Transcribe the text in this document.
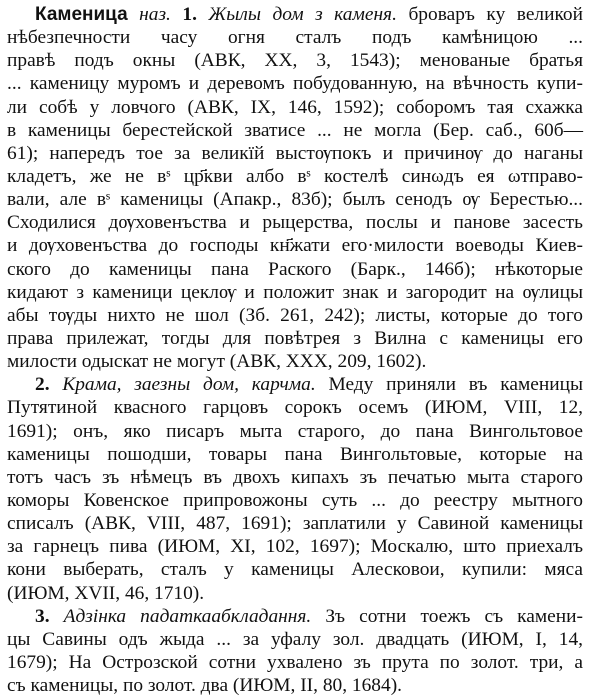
Каменица наз. 1. Жылы дом з каменя. броваръ ку великой
нѣбезпечности часу огня сталъ подъ камѣницою ...
правѣ подъ окны (АВК, XX, 3, 1543); менованые братья
... каменицу муромъ и деревомъ побудованную, на вѣчность купи-
ли собѣ у ловчого (АВК, IX, 146, 1592); соборомъ тая схажка
в каменицы берестейской зватисе ... не могла (Бер. саб., 60б—
61); напередъ тое за великїй выстѹпокъ и причинѹ до наганы
кладетъ, же не вˢ цр҃кви албо вˢ костелѣ синωдъ ея ωтправо-
вали, але вˢ каменицы (Апакр., 83б); былъ сенодъ ѹ Берестью...
Сходилися дѹховенъства и рыцерства, послы и панове засесть
и дѹховенъства до господы кн҃жати его·милости воеводы Киев-
ского до каменицы пана Раского (Барк., 146б); нѣкоторые
кидают з каменици цеклѹ и положит знак и загородит на ѹлицы
абы тѹды нихто не шол (Зб. 261, 242); листы, которые до того
права прилежат, тогды для повѣтрея з Вилна с каменицы его
милости одыскат не могут (АВК, XXX, 209, 1602).
2. Крама, заезны дом, карчма. Меду приняли въ каменицы
Путятиной квасного гарцовъ сорокъ осемъ (ИЮМ, VIII, 12,
1691); онъ, яко писаръ мыта старого, до пана Вингольтовое
каменицы пошодши, товары пана Вингольтовые, которые на
тотъ часъ зъ нѣмецъ въ двохъ кипахъ зъ печатью мыта старого
коморы Ковенское припровожоны суть ... до реестру мытного
списалъ (АВК, VIII, 487, 1691); заплатили у Савиной каменицы
за гарнецъ пива (ИЮМ, XI, 102, 1697); Москалю, што приехалъ
кони выберать, сталъ у каменицы Алесковои, купили: мяса
(ИЮМ, XVII, 46, 1710).
3. Адзінка падаткаабкладання. Зъ сотни тоежъ съ камени-
цы Савины одъ жыда ... за уфалу зол. двадцать (ИЮМ, I, 14,
1679); На Острозской сотни ухвалено зъ прута по золот. три, а
съ каменицы, по золот. два (ИЮМ, II, 80, 1684).
